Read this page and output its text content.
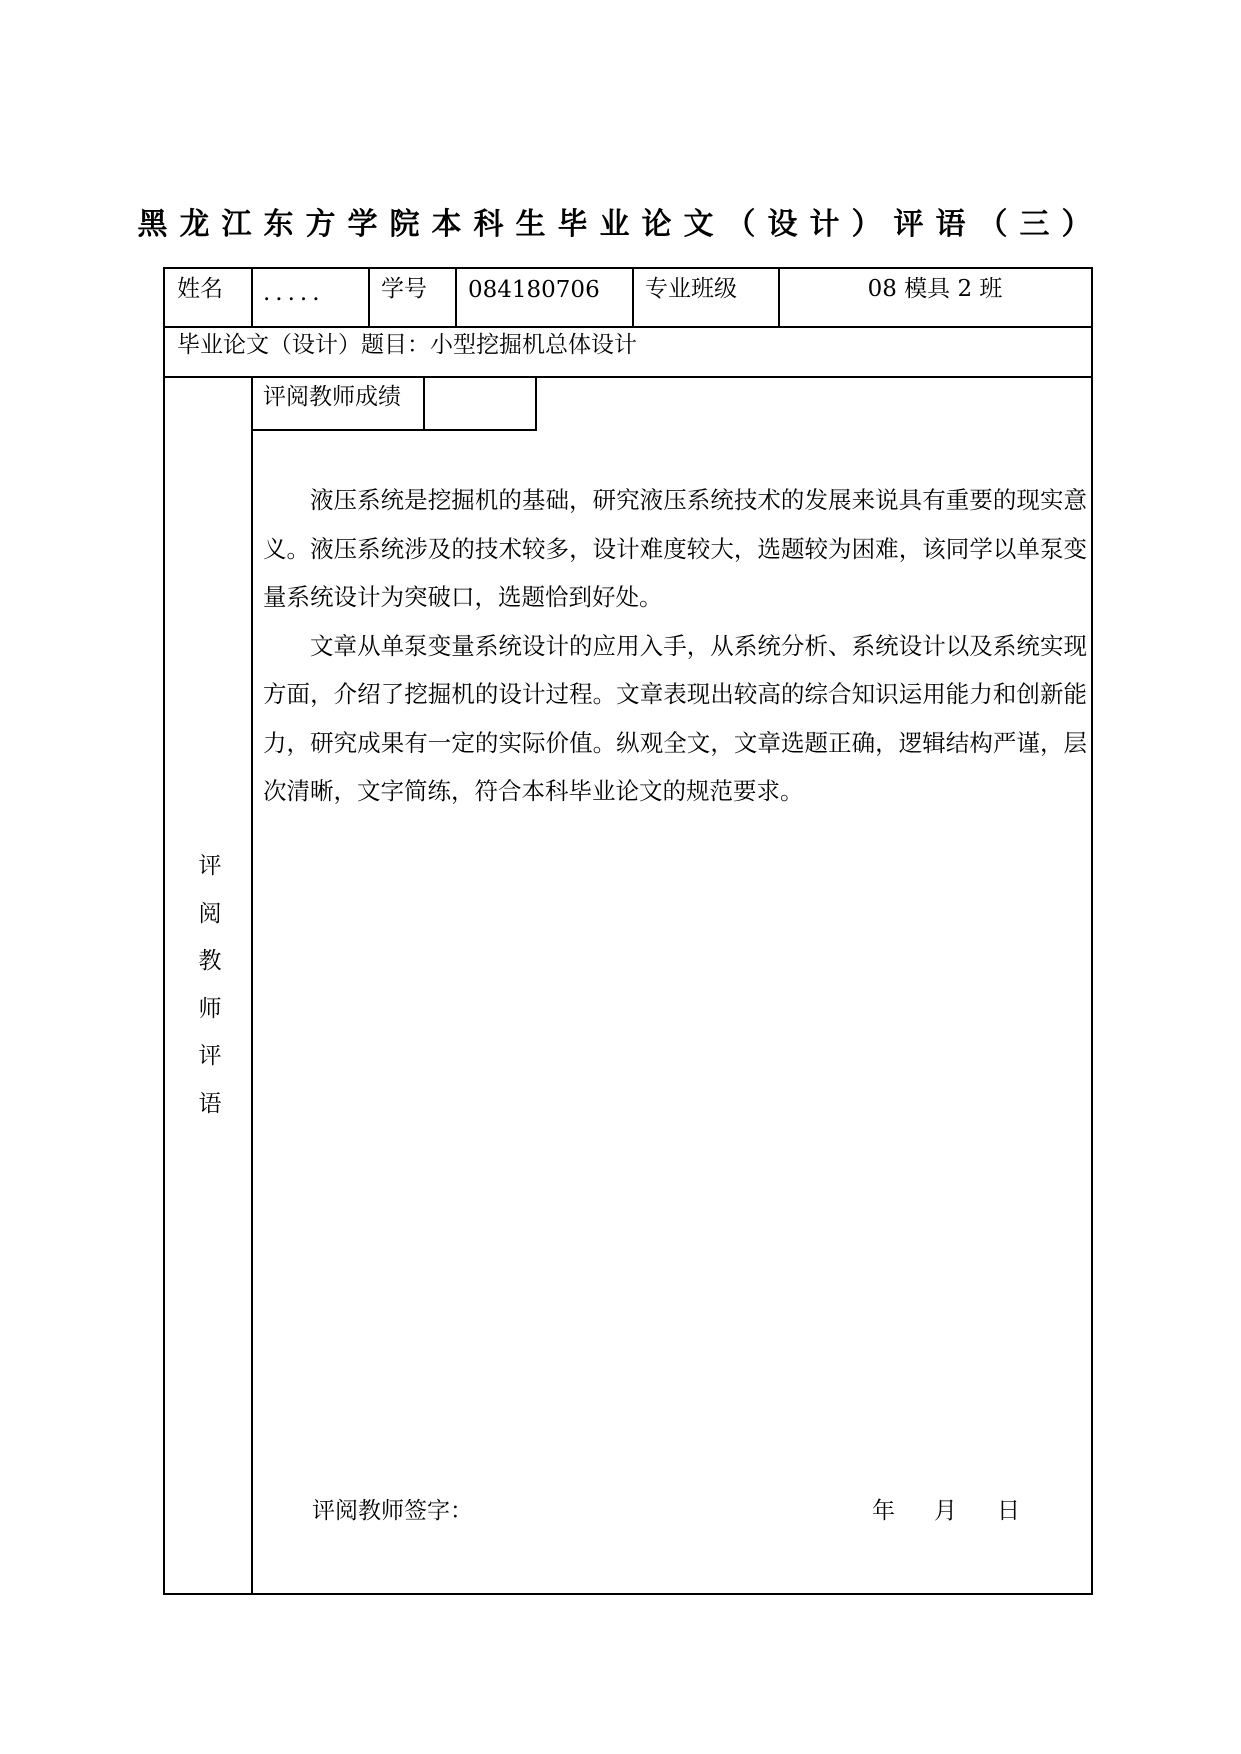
黑龙江东方学院本科生毕业论文（设计）评语（三）
姓名 ..... 学号 084180706 专业班级	08 模具 2 班
毕业论文（设计）题目：小型挖掘机总体设计
评阅教师成绩
评
阅
教
师
评
语

液压系统是挖掘机的基础，研究液压系统技术的发展来说具有重要的现实意义。液压系统涉及的技术较多，设计难度较大，选题较为困难，该同学以单泵变量系统设计为突破口，选题恰到好处。

文章从单泵变量系统设计的应用入手，从系统分析、系统设计以及系统实现方面，介绍了挖掘机的设计过程。文章表现出较高的综合知识运用能力和创新能力，研究成果有一定的实际价值。纵观全文，文章选题正确，逻辑结构严谨，层次清晰，文字简练，符合本科毕业论文的规范要求。

评阅教师签字：	年 月 日
